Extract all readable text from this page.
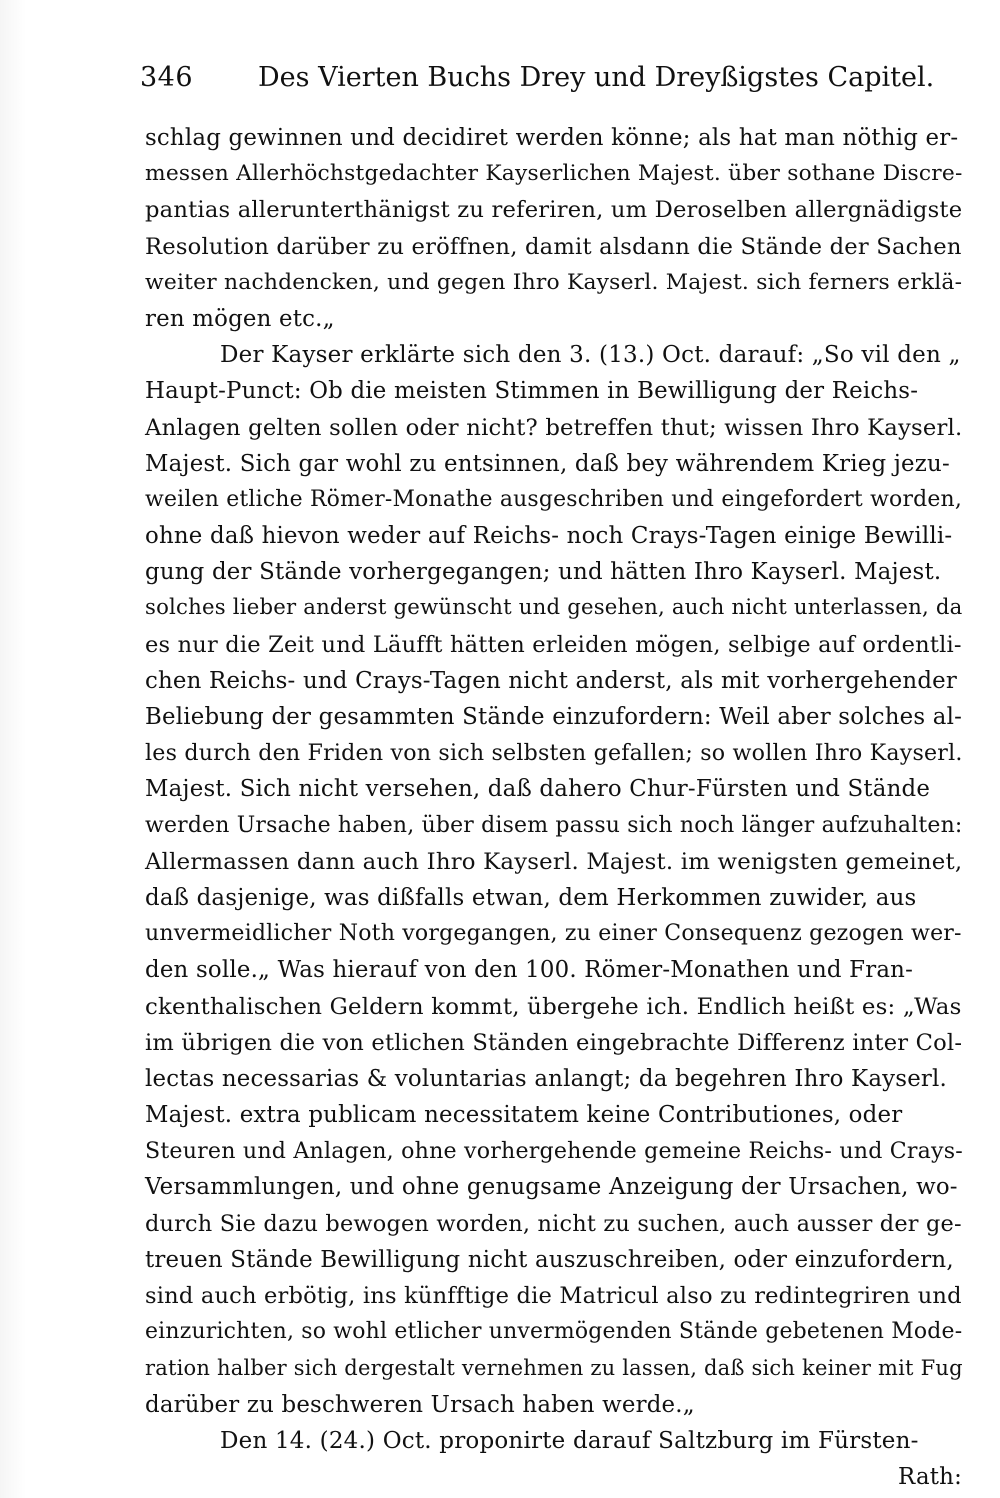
346 Des Vierten Buchs Drey und Dreyßigstes Capitel.
schlag gewinnen und decidiret werden könne; als hat man nöthig er-
messen Allerhöchstgedachter Kayserlichen Majest. über sothane Discre-
pantias allerunterthänigst zu referiren, um Deroselben allergnädigste
Resolution darüber zu eröffnen, damit alsdann die Stände der Sachen
weiter nachdencken, und gegen Ihro Kayserl. Majest. sich ferners erklä-
ren mögen etc.„
Der Kayser erklärte sich den 3. (13.) Oct. darauf: „So vil den „
Haupt-Punct: Ob die meisten Stimmen in Bewilligung der Reichs-
Anlagen gelten sollen oder nicht? betreffen thut; wissen Ihro Kayserl.
Majest. Sich gar wohl zu entsinnen, daß bey währendem Krieg jezu-
weilen etliche Römer-Monathe ausgeschriben und eingefordert worden,
ohne daß hievon weder auf Reichs- noch Crays-Tagen einige Bewilli-
gung der Stände vorhergegangen; und hätten Ihro Kayserl. Majest.
solches lieber anderst gewünscht und gesehen, auch nicht unterlassen, da
es nur die Zeit und Läufft hätten erleiden mögen, selbige auf ordentli-
chen Reichs- und Crays-Tagen nicht anderst, als mit vorhergehender
Beliebung der gesammten Stände einzufordern: Weil aber solches al-
les durch den Friden von sich selbsten gefallen; so wollen Ihro Kayserl.
Majest. Sich nicht versehen, daß dahero Chur-Fürsten und Stände
werden Ursache haben, über disem passu sich noch länger aufzuhalten:
Allermassen dann auch Ihro Kayserl. Majest. im wenigsten gemeinet,
daß dasjenige, was dißfalls etwan, dem Herkommen zuwider, aus
unvermeidlicher Noth vorgegangen, zu einer Consequenz gezogen wer-
den solle.„ Was hierauf von den 100. Römer-Monathen und Fran-
ckenthalischen Geldern kommt, übergehe ich. Endlich heißt es: „Was
im übrigen die von etlichen Ständen eingebrachte Differenz inter Col-
lectas necessarias & voluntarias anlangt; da begehren Ihro Kayserl.
Majest. extra publicam necessitatem keine Contributiones, oder
Steuren und Anlagen, ohne vorhergehende gemeine Reichs- und Crays-
Versammlungen, und ohne genugsame Anzeigung der Ursachen, wo-
durch Sie dazu bewogen worden, nicht zu suchen, auch ausser der ge-
treuen Stände Bewilligung nicht auszuschreiben, oder einzufordern,
sind auch erbötig, ins künfftige die Matricul also zu redintegriren und
einzurichten, so wohl etlicher unvermögenden Stände gebetenen Mode-
ration halber sich dergestalt vernehmen zu lassen, daß sich keiner mit Fug
darüber zu beschweren Ursach haben werde.„
Den 14. (24.) Oct. proponirte darauf Saltzburg im Fürsten-
Rath:
